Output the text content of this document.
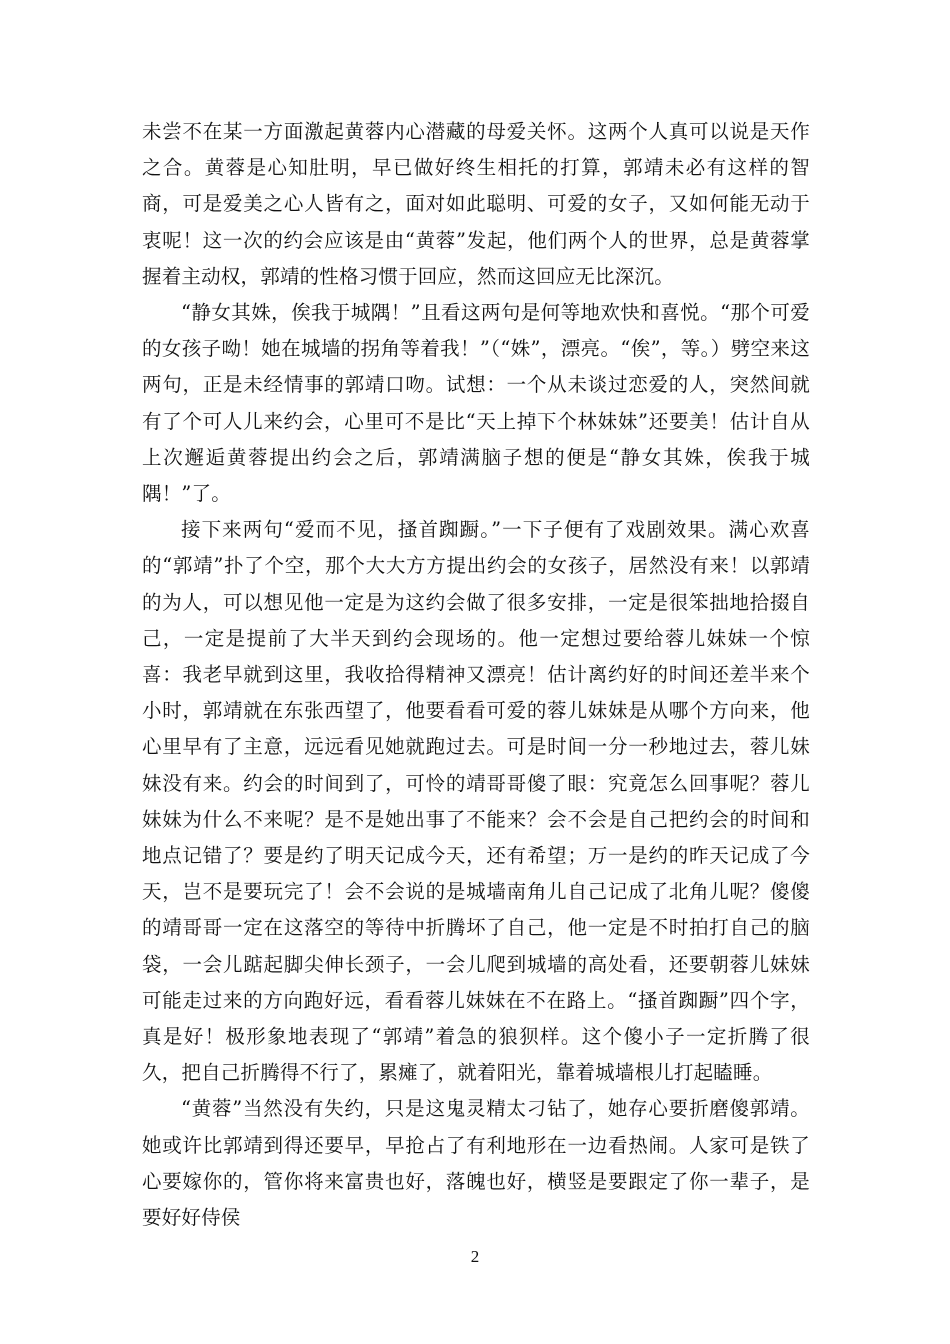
未尝不在某一方面激起黄蓉内心潜藏的母爱关怀。这两个人真可以说是天作之合。黄蓉是心知肚明，早已做好终生相托的打算，郭靖未必有这样的智商，可是爱美之心人皆有之，面对如此聪明、可爱的女子，又如何能无动于衷呢！这一次的约会应该是由“黄蓉”发起，他们两个人的世界，总是黄蓉掌握着主动权，郭靖的性格习惯于回应，然而这回应无比深沉。

“静女其姝，俟我于城隅！”且看这两句是何等地欢快和喜悦。“那个可爱的女孩子呦！她在城墙的拐角等着我！”（“姝”，漂亮。“俟”，等。）劈空来这两句，正是未经情事的郭靖口吻。试想：一个从未谈过恋爱的人，突然间就有了个可人儿来约会，心里可不是比“天上掉下个林妹妹”还要美！估计自从上次邂逅黄蓉提出约会之后，郭靖满脑子想的便是“静女其姝，俟我于城隅！”了。

接下来两句“爱而不见，搔首踟蹰。”一下子便有了戏剧效果。满心欢喜的“郭靖”扑了个空，那个大大方方提出约会的女孩子，居然没有来！以郭靖的为人，可以想见他一定是为这约会做了很多安排，一定是很笨拙地拾掇自己，一定是提前了大半天到约会现场的。他一定想过要给蓉儿妹妹一个惊喜：我老早就到这里，我收拾得精神又漂亮！估计离约好的时间还差半来个小时，郭靖就在东张西望了，他要看看可爱的蓉儿妹妹是从哪个方向来，他心里早有了主意，远远看见她就跑过去。可是时间一分一秒地过去，蓉儿妹妹没有来。约会的时间到了，可怜的靖哥哥傻了眼：究竟怎么回事呢？蓉儿妹妹为什么不来呢？是不是她出事了不能来？会不会是自己把约会的时间和地点记错了？要是约了明天记成今天，还有希望；万一是约的昨天记成了今天，岂不是要玩完了！会不会说的是城墙南角儿自己记成了北角儿呢？傻傻的靖哥哥一定在这落空的等待中折腾坏了自己，他一定是不时拍打自己的脑袋，一会儿踮起脚尖伸长颈子，一会儿爬到城墙的高处看，还要朝蓉儿妹妹可能走过来的方向跑好远，看看蓉儿妹妹在不在路上。“搔首踟蹰”四个字，真是好！极形象地表现了“郭靖”着急的狼狈样。这个傻小子一定折腾了很久，把自己折腾得不行了，累瘫了，就着阳光，靠着城墙根儿打起瞌睡。

“黄蓉”当然没有失约，只是这鬼灵精太刁钻了，她存心要折磨傻郭靖。她或许比郭靖到得还要早，早抢占了有利地形在一边看热闹。人家可是铁了心要嫁你的，管你将来富贵也好，落魄也好，横竖是要跟定了你一辈子，是要好好侍侯

2
